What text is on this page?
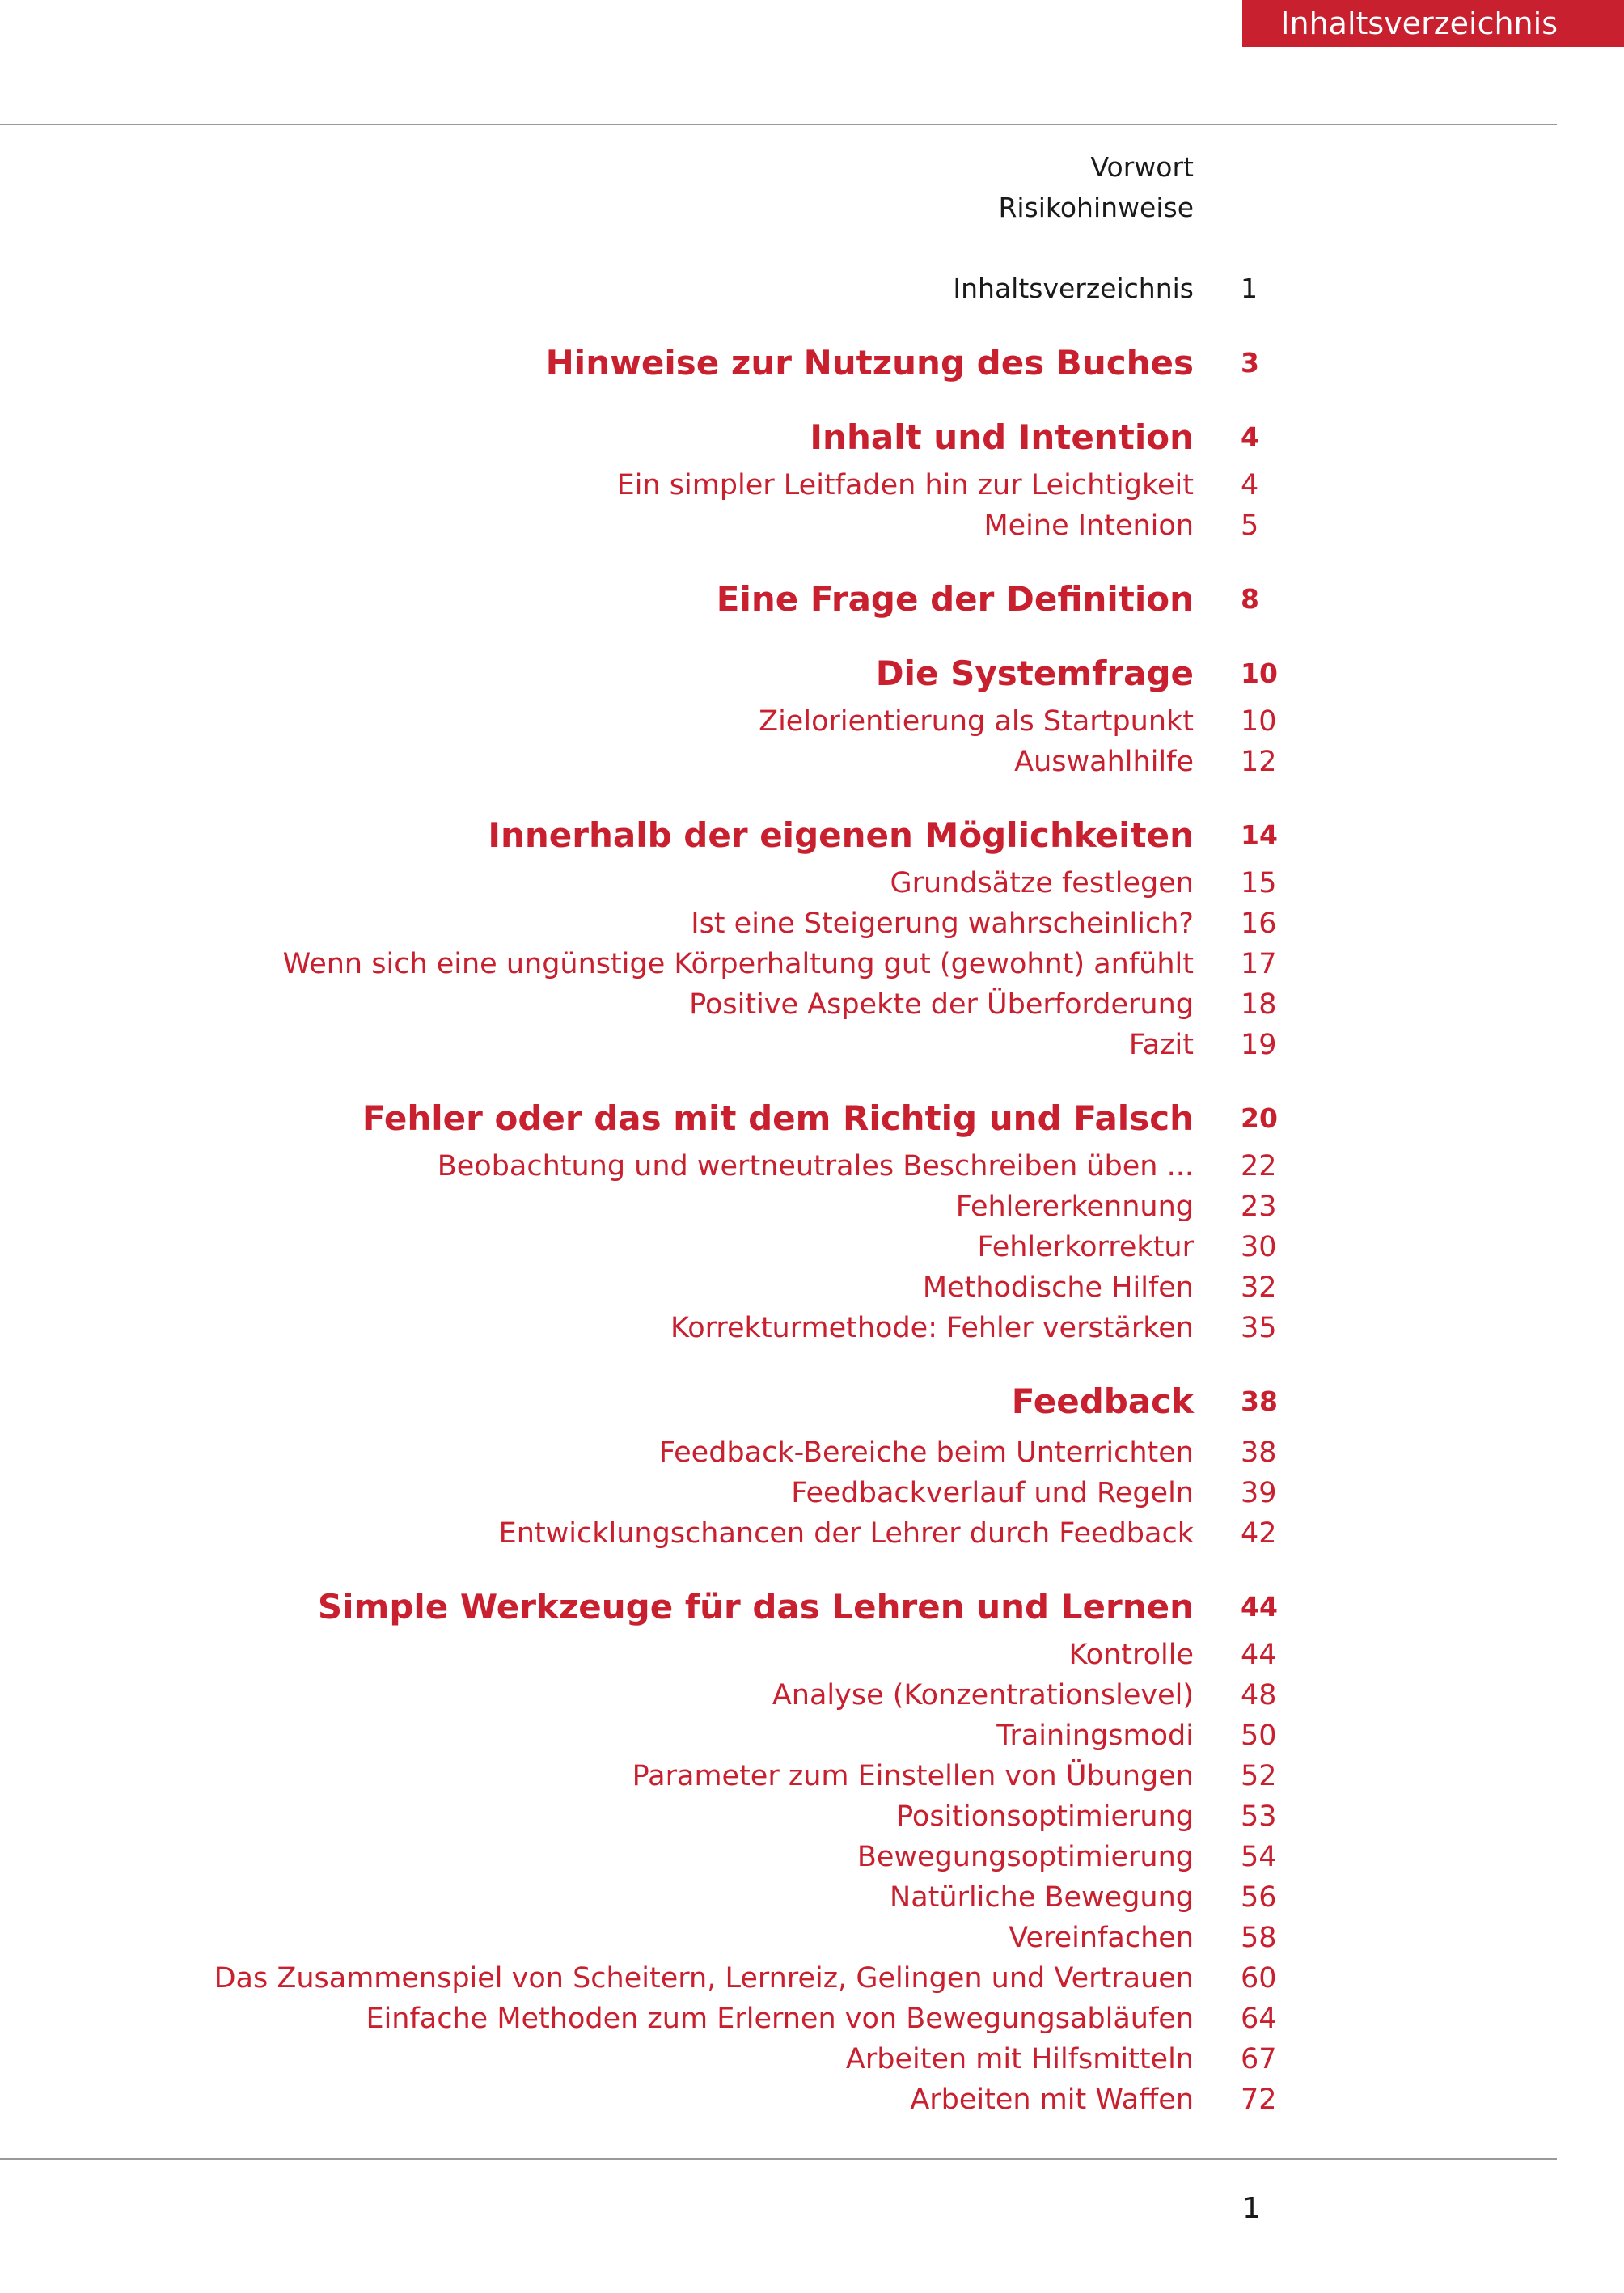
Inhaltsverzeichnis
Vorwort
Risikohinweise
Inhaltsverzeichnis	1
Hinweise zur Nutzung des Buches	3
Inhalt und Intention	4
Ein simpler Leitfaden hin zur Leichtigkeit	4
Meine Intenion	5
Eine Frage der Definition	8
Die Systemfrage	10
Zielorientierung als Startpunkt	10
Auswahlhilfe	12
Innerhalb der eigenen Möglichkeiten	14
Grundsätze festlegen	15
Ist eine Steigerung wahrscheinlich?	16
Wenn sich eine ungünstige Körperhaltung gut (gewohnt) anfühlt	17
Positive Aspekte der Überforderung	18
Fazit	19
Fehler oder das mit dem Richtig und Falsch	20
Beobachtung und wertneutrales Beschreiben üben ...	22
Fehlererkennung	23
Fehlerkorrektur	30
Methodische Hilfen	32
Korrekturmethode: Fehler verstärken	35
Feedback	38
Feedback-Bereiche beim Unterrichten	38
Feedbackverlauf und Regeln	39
Entwicklungschancen der Lehrer durch Feedback	42
Simple Werkzeuge für das Lehren und Lernen	44
Kontrolle	44
Analyse (Konzentrationslevel)	48
Trainingsmodi	50
Parameter zum Einstellen von Übungen	52
Positionsoptimierung	53
Bewegungsoptimierung	54
Natürliche Bewegung	56
Vereinfachen	58
Das Zusammenspiel von Scheitern, Lernreiz, Gelingen und Vertrauen	60
Einfache Methoden zum Erlernen von Bewegungsabläufen	64
Arbeiten mit Hilfsmitteln	67
Arbeiten mit Waffen	72
1
